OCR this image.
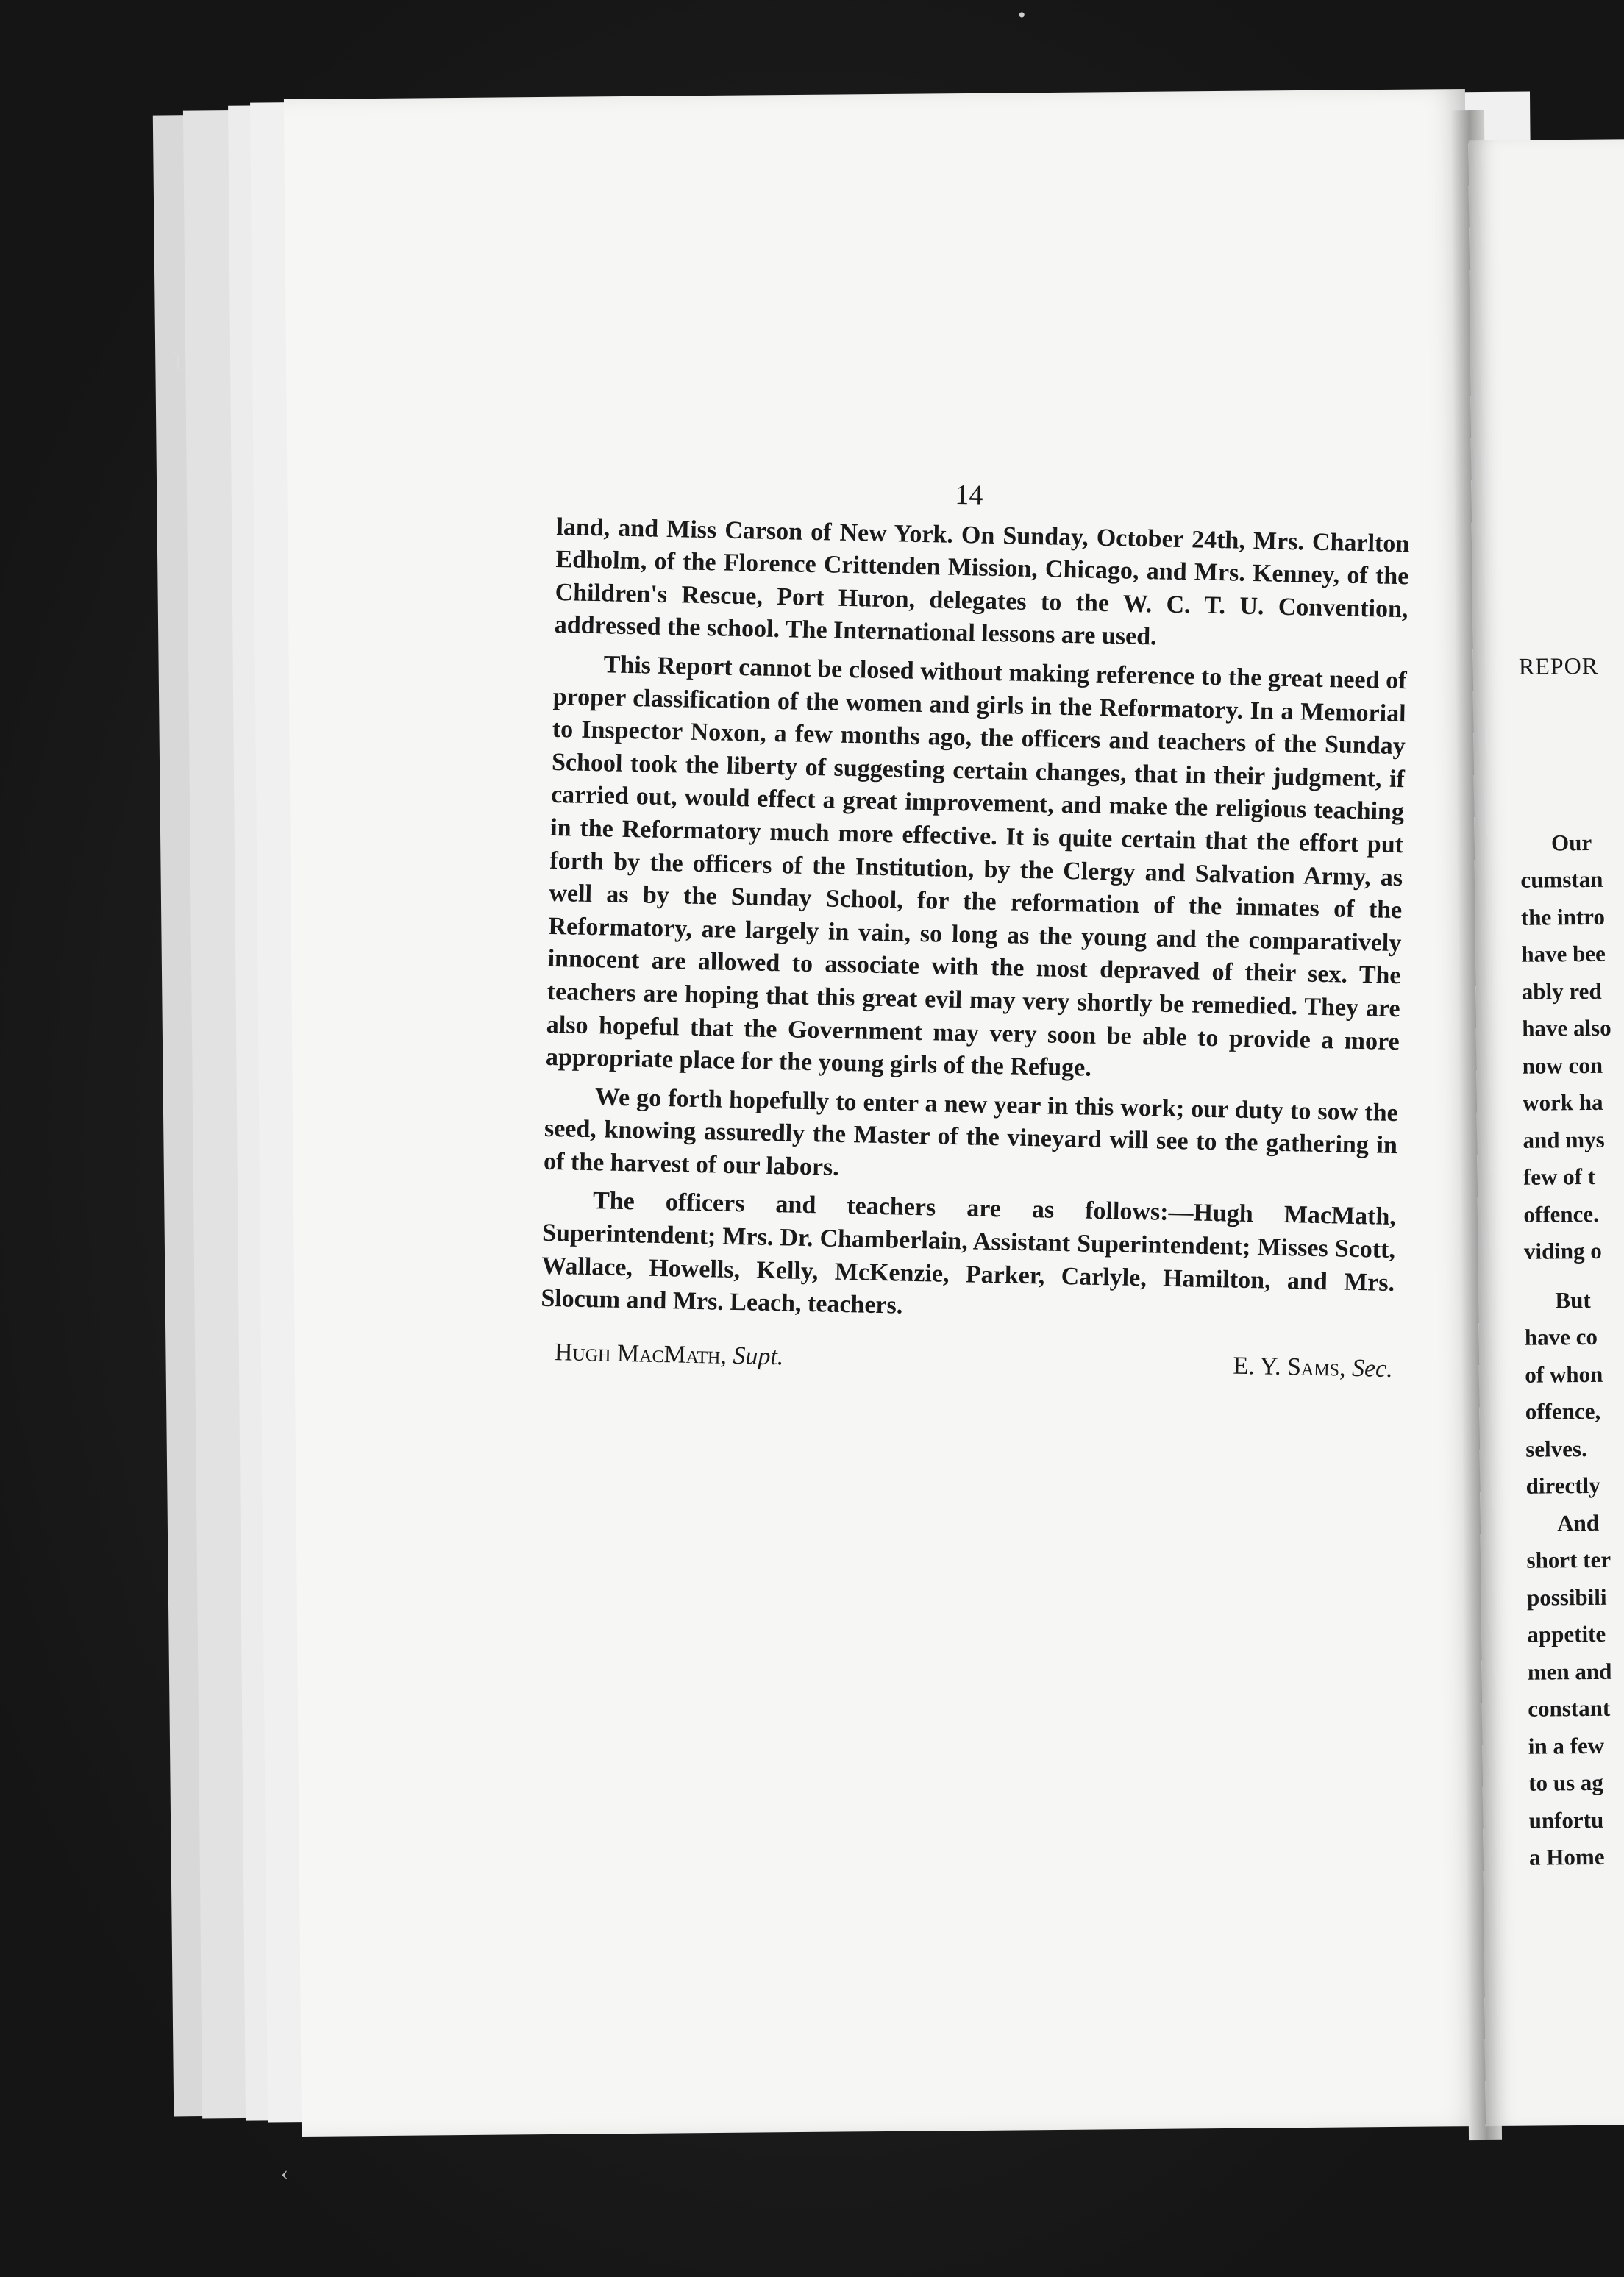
•
ʅ
‹
14

land, and Miss Carson of New York. On Sunday, October 24th, Mrs. Charlton Edholm, of the Florence Crittenden Mission, Chicago, and Mrs. Kenney, of the Children's Rescue, Port Huron, delegates to the W. C. T. U. Convention, addressed the school. The International lessons are used.

This Report cannot be closed without making reference to the great need of proper classification of the women and girls in the Reformatory. In a Memorial to Inspector Noxon, a few months ago, the officers and teachers of the Sunday School took the liberty of suggesting certain changes, that in their judgment, if carried out, would effect a great improvement, and make the religious teaching in the Reformatory much more effective. It is quite certain that the effort put forth by the officers of the Institution, by the Clergy and Salvation Army, as well as by the Sunday School, for the reformation of the inmates of the Reformatory, are largely in vain, so long as the young and the comparatively innocent are allowed to associate with the most depraved of their sex. The teachers are hoping that this great evil may very shortly be remedied. They are also hopeful that the Government may very soon be able to provide a more appropriate place for the young girls of the Refuge.

We go forth hopefully to enter a new year in this work; our duty to sow the seed, knowing assuredly the Master of the vineyard will see to the gathering in of the harvest of our labors.

The officers and teachers are as follows:—Hugh MacMath, Superintendent; Mrs. Dr. Chamberlain, Assistant Superintendent; Misses Scott, Wallace, Howells, Kelly, McKenzie, Parker, Carlyle, Hamilton, and Mrs. Slocum and Mrs. Leach, teachers.

Hugh MacMath, Supt.	E. Y. Sams, Sec.
REPOR
Our
cumstan
the intro
have bee
ably red
have also
now con
work ha
and mys
few of t
offence.
viding o
But
have co
of whon
offence,
selves.
directly
And
short ter
possibili
appetite
men and
constant
in a few
to us ag
unfortu
a Home
